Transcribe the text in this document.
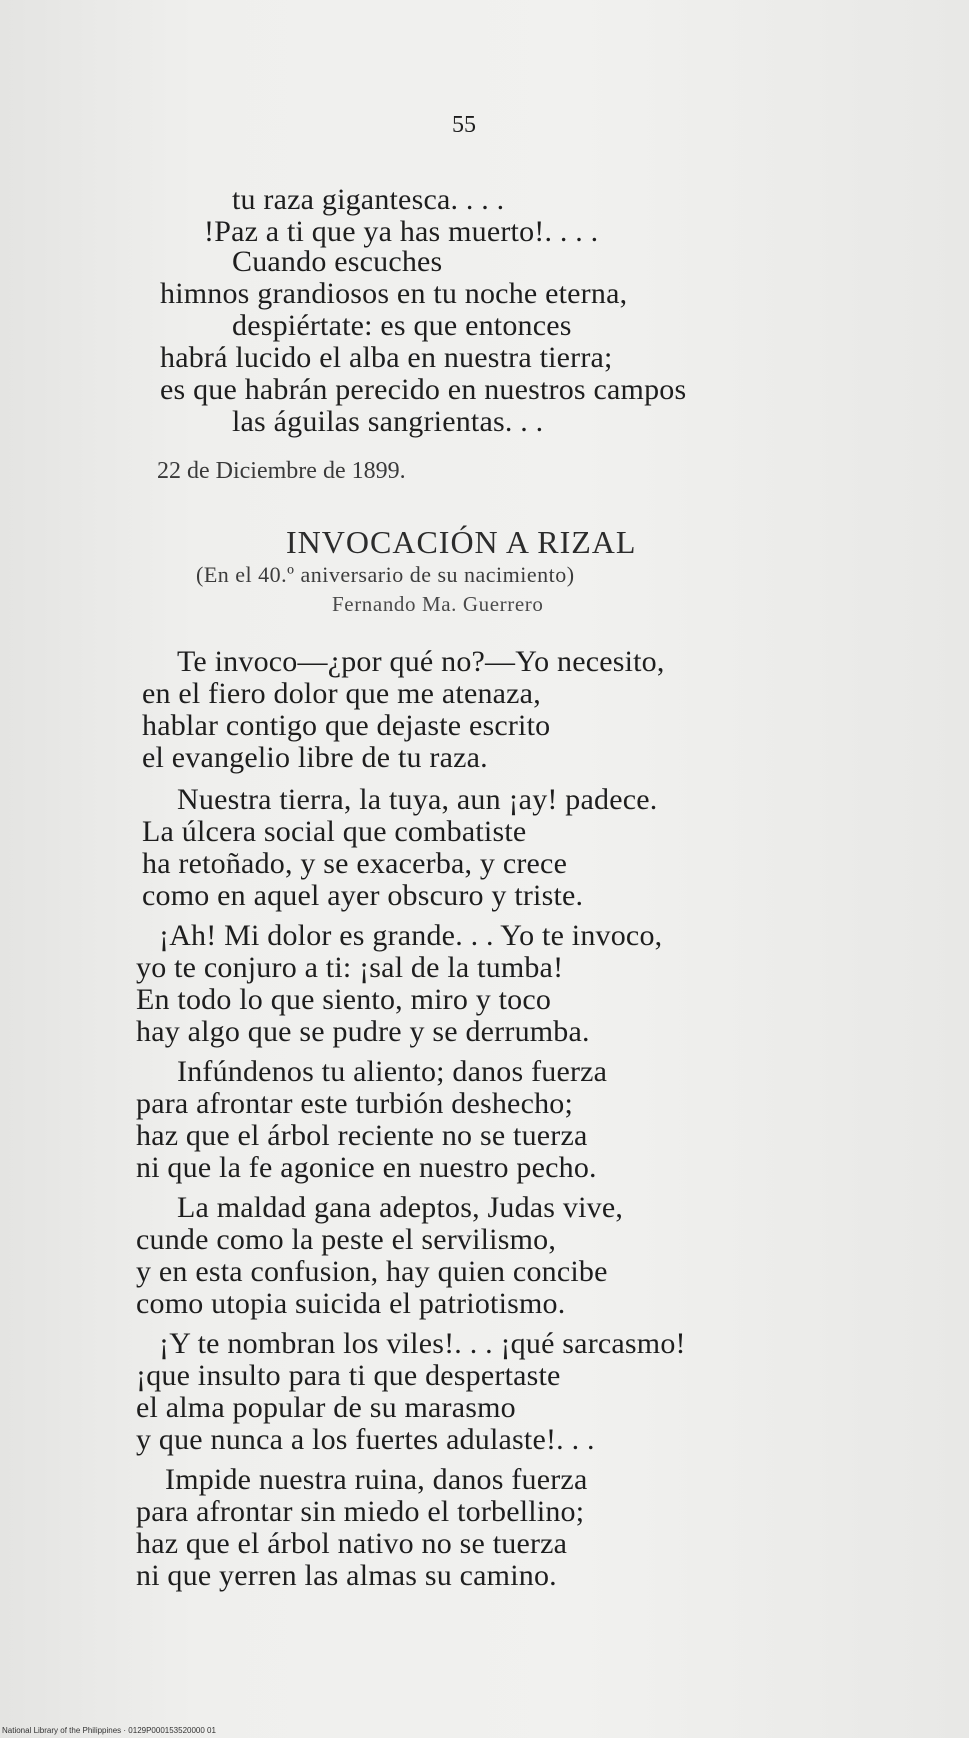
55
tu raza gigantesca. . . .
!Paz a ti que ya has muerto!. . . .
Cuando escuches
himnos grandiosos en tu noche eterna,
despiértate: es que entonces
habrá lucido el alba en nuestra tierra;
es que habrán perecido en nuestros campos
las águilas sangrientas. . .
22 de Diciembre de 1899.
INVOCACIÓN A RIZAL
(En el 40.º aniversario de su nacimiento)
Fernando Ma. Guerrero
Te invoco—¿por qué no?—Yo necesito,
en el fiero dolor que me atenaza,
hablar contigo que dejaste escrito
el evangelio libre de tu raza.
Nuestra tierra, la tuya, aun ¡ay! padece.
La úlcera social que combatiste
ha retoñado, y se exacerba, y crece
como en aquel ayer obscuro y triste.
¡Ah! Mi dolor es grande. . . Yo te invoco,
yo te conjuro a ti: ¡sal de la tumba!
En todo lo que siento, miro y toco
hay algo que se pudre y se derrumba.
Infúndenos tu aliento; danos fuerza
para afrontar este turbión deshecho;
haz que el árbol reciente no se tuerza
ni que la fe agonice en nuestro pecho.
La maldad gana adeptos, Judas vive,
cunde como la peste el servilismo,
y en esta confusion, hay quien concibe
como utopia suicida el patriotismo.
¡Y te nombran los viles!. . . ¡qué sarcasmo!
¡que insulto para ti que despertaste
el alma popular de su marasmo
y que nunca a los fuertes adulaste!. . .
Impide nuestra ruina, danos fuerza
para afrontar sin miedo el torbellino;
haz que el árbol nativo no se tuerza
ni que yerren las almas su camino.
National Library of the Philippines · 0129P000153520000 01
